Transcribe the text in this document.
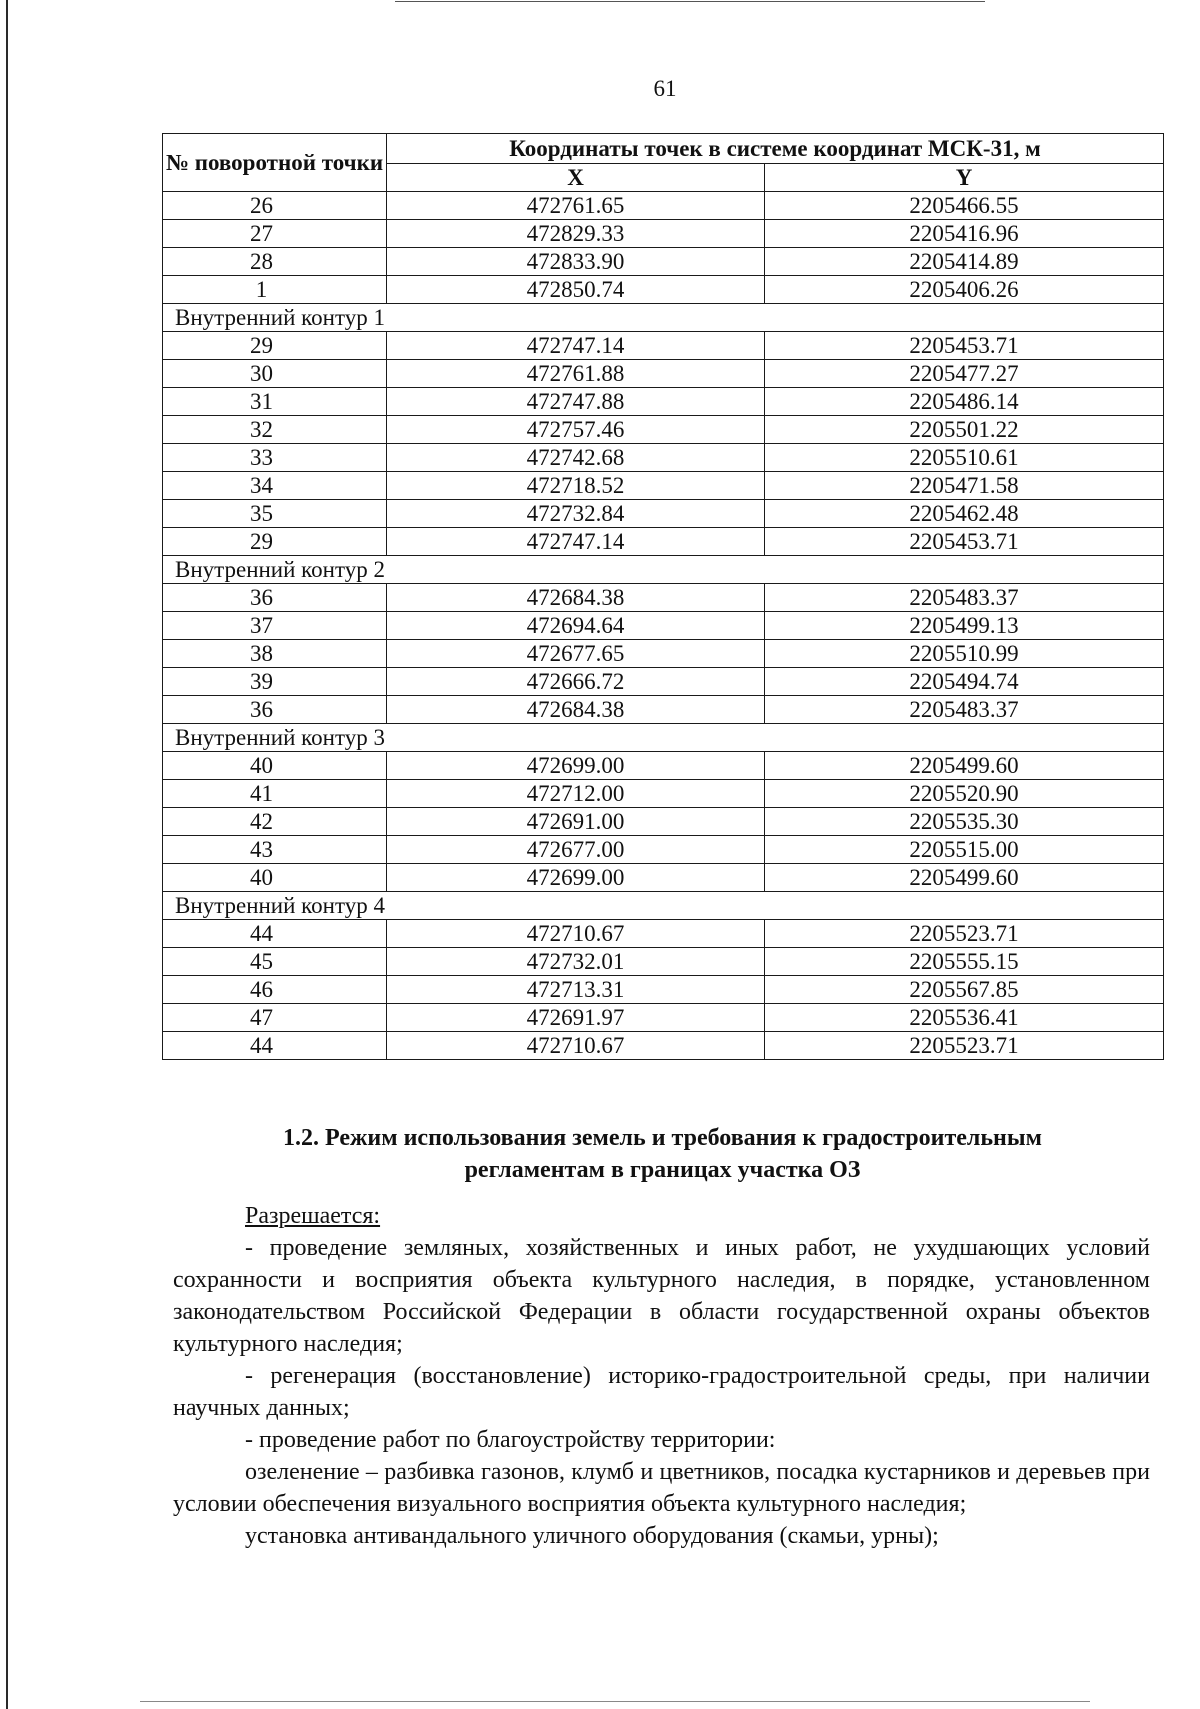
61
№ поворотной точки	Координаты точек в системе координат МСК-31, м	
	X	Y
26	472761.65	2205466.55
27	472829.33	2205416.96
28	472833.90	2205414.89
1	472850.74	2205406.26
Внутренний контур 1		
29	472747.14	2205453.71
30	472761.88	2205477.27
31	472747.88	2205486.14
32	472757.46	2205501.22
33	472742.68	2205510.61
34	472718.52	2205471.58
35	472732.84	2205462.48
29	472747.14	2205453.71
Внутренний контур 2		
36	472684.38	2205483.37
37	472694.64	2205499.13
38	472677.65	2205510.99
39	472666.72	2205494.74
36	472684.38	2205483.37
Внутренний контур 3		
40	472699.00	2205499.60
41	472712.00	2205520.90
42	472691.00	2205535.30
43	472677.00	2205515.00
40	472699.00	2205499.60
Внутренний контур 4		
44	472710.67	2205523.71
45	472732.01	2205555.15
46	472713.31	2205567.85
47	472691.97	2205536.41
44	472710.67	2205523.71
1.2. Режим использования земель и требования к градостроительным
регламентам в границах участка ОЗ

Разрешается:

- проведение земляных, хозяйственных и иных работ, не ухудшающих условий сохранности и восприятия объекта культурного наследия, в порядке, установленном законодательством Российской Федерации в области государственной охраны объектов культурного наследия;

- регенерация (восстановление) историко-градостроительной среды, при наличии научных данных;

- проведение работ по благоустройству территории:

озеленение – разбивка газонов, клумб и цветников, посадка кустарников и деревьев при условии обеспечения визуального восприятия объекта культурного наследия;

установка антивандального уличного оборудования (скамьи, урны);
